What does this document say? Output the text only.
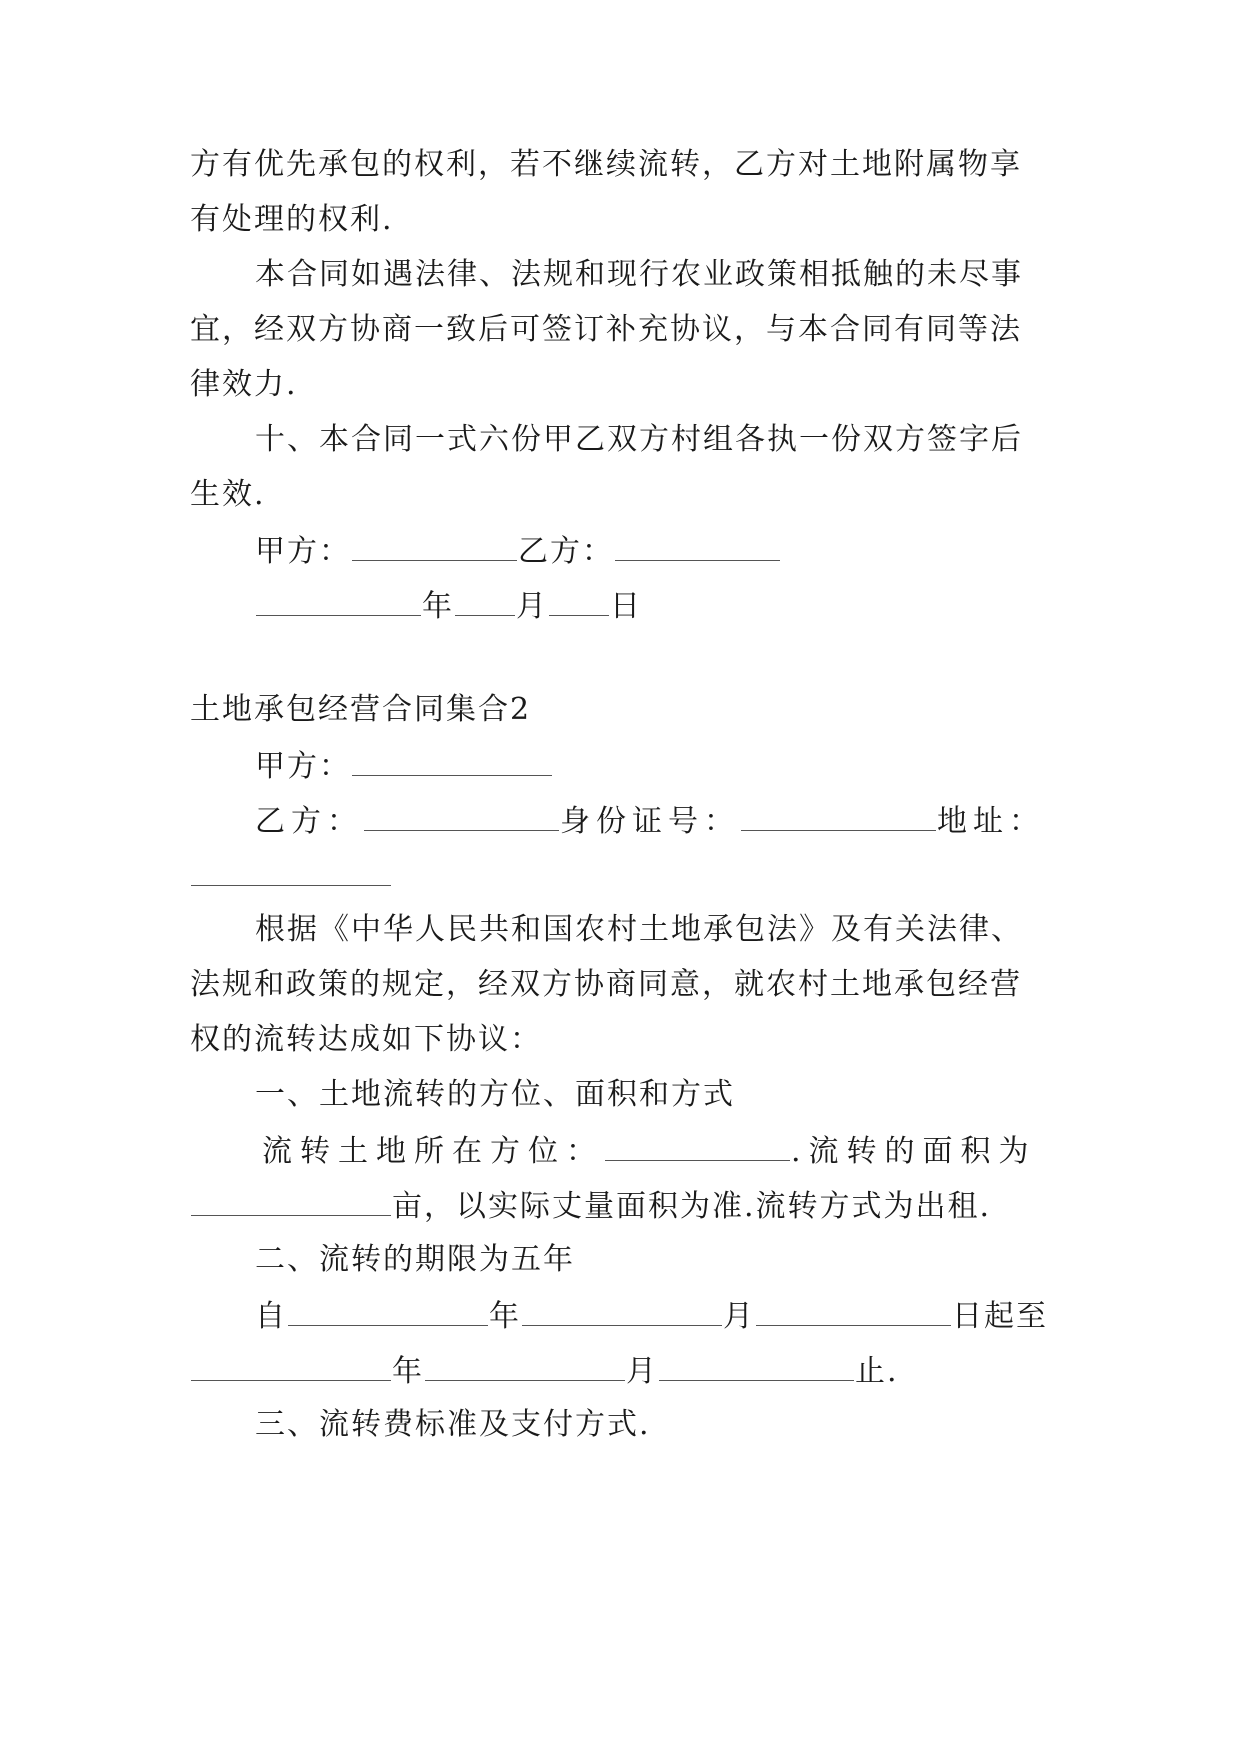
方有优先承包的权利，若不继续流转，乙方对土地附属物享
有处理的权利.
本合同如遇法律、法规和现行农业政策相抵触的未尽事
宜，经双方协商一致后可签订补充协议，与本合同有同等法
律效力.
十、本合同一式六份甲乙双方村组各执一份双方签字后
生效.
甲方：	乙方：
年 月 日
土地承包经营合同集合2
甲方：
乙方：	身份证号：	地址：
根据《中华人民共和国农村土地承包法》及有关法律、
法规和政策的规定，经双方协商同意，就农村土地承包经营
权的流转达成如下协议：
一、土地流转的方位、面积和方式
流转土地所在方位：	.流转的面积为
亩，以实际丈量面积为准.流转方式为出租.
二、流转的期限为五年
自	年	月	日起至
年	月	止.
三、流转费标准及支付方式.
